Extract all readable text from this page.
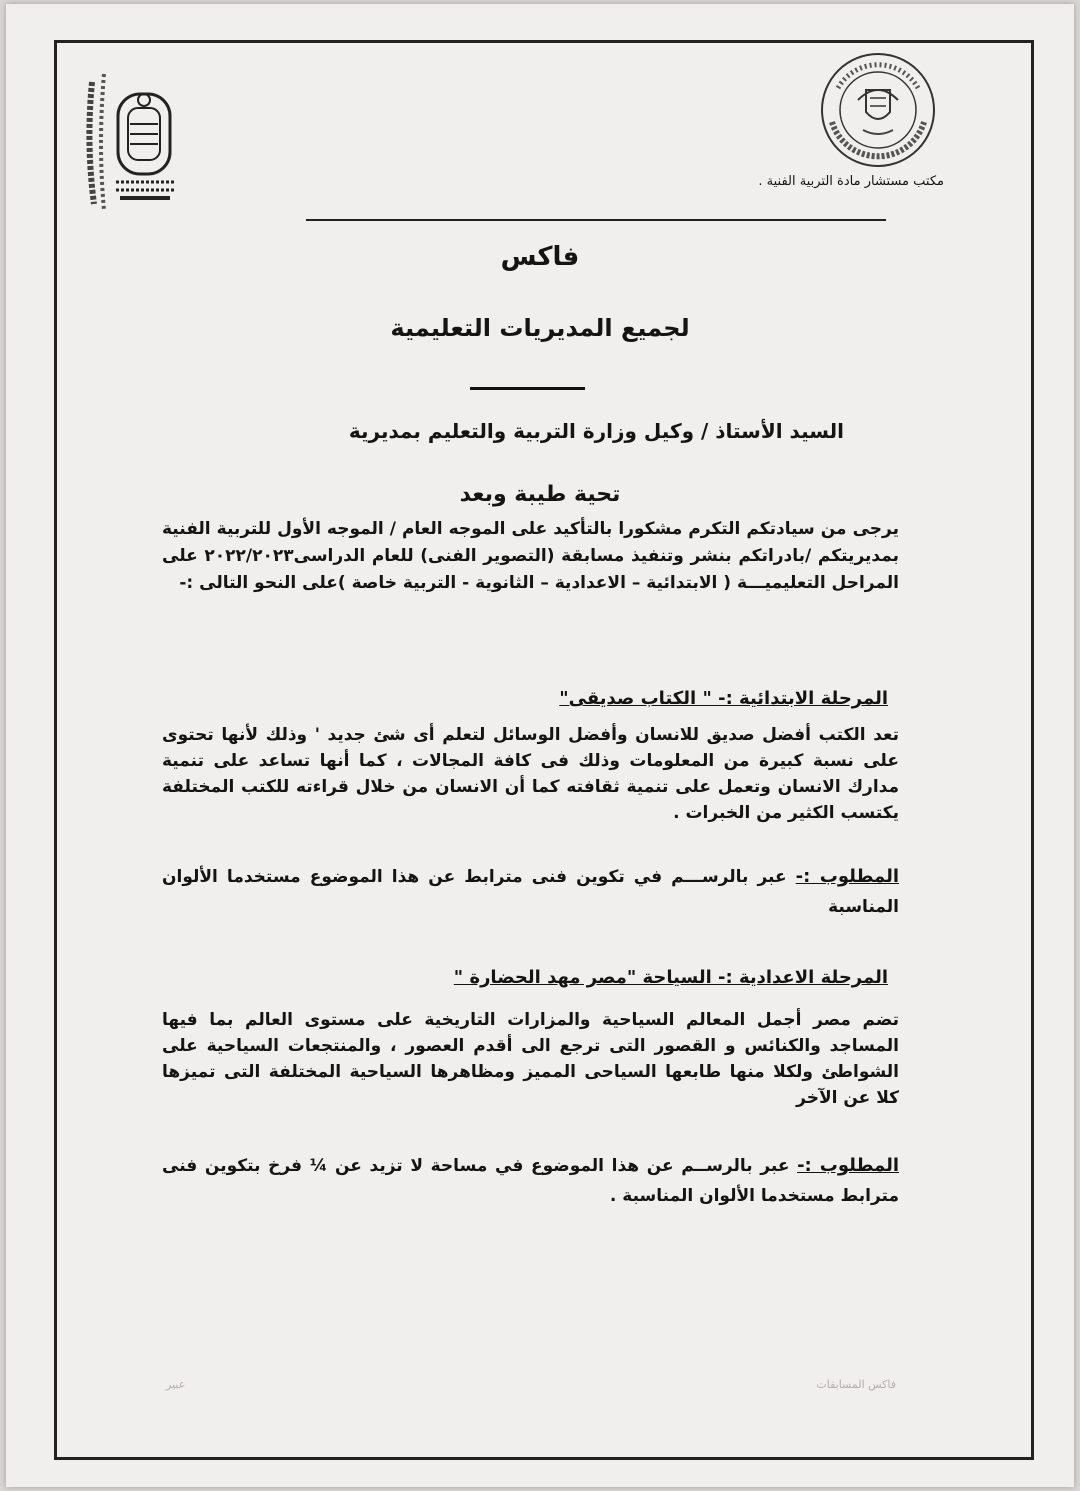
مكتب مستشار مادة التربية الفنية .
فاكس
لجميع المديريات التعليمية
السيد الأستاذ / وكيل وزارة التربية والتعليم بمديرية
تحية طيبة وبعد
يرجى من سيادتكم التكرم مشكورا بالتأكيد على الموجه العام / الموجه الأول للتربية الفنية بمديريتكم /بادراتكم بنشر وتنفيذ مسابقة (التصوير الفنى) للعام الدراسى٢٠٢٢/٢٠٢٣ على المراحل التعليميـــة ( الابتدائية – الاعدادية – الثانوية - التربية خاصة )على النحو التالى :-
المرحلة الابتدائية :- " الكتاب صديقى"
تعد الكتب أفضل صديق للانسان وأفضل الوسائل لتعلم أى شئ جديد ' وذلك لأنها تحتوى على نسبة كبيرة من المعلومات وذلك فى كافة المجالات ، كما أنها تساعد على تنمية مدارك الانسان وتعمل على تنمية ثقافته كما أن الانسان من خلال قراءته للكتب المختلفة يكتسب الكثير من الخبرات .
المطلوب :- عبر بالرســـم في تكوين فنى مترابط عن هذا الموضوع مستخدما الألوان المناسبة
المرحلة الاعدادية :- السياحة "مصر مهد الحضارة "
تضم مصر أجمل المعالم السياحية والمزارات التاريخية على مستوى العالم بما فيها المساجد والكنائس و القصور التى ترجع الى أقدم العصور ، والمنتجعات السياحية على الشواطئ ولكلا منها طابعها السياحى المميز ومظاهرها السياحية المختلفة التى تميزها كلا عن الآخر
المطلوب :- عبر بالرســم عن هذا الموضوع في مساحة لا تزيد عن ¼ فرخ بتكوين فنى مترابط مستخدما الألوان المناسبة .
فاكس المسابقات
عبير
